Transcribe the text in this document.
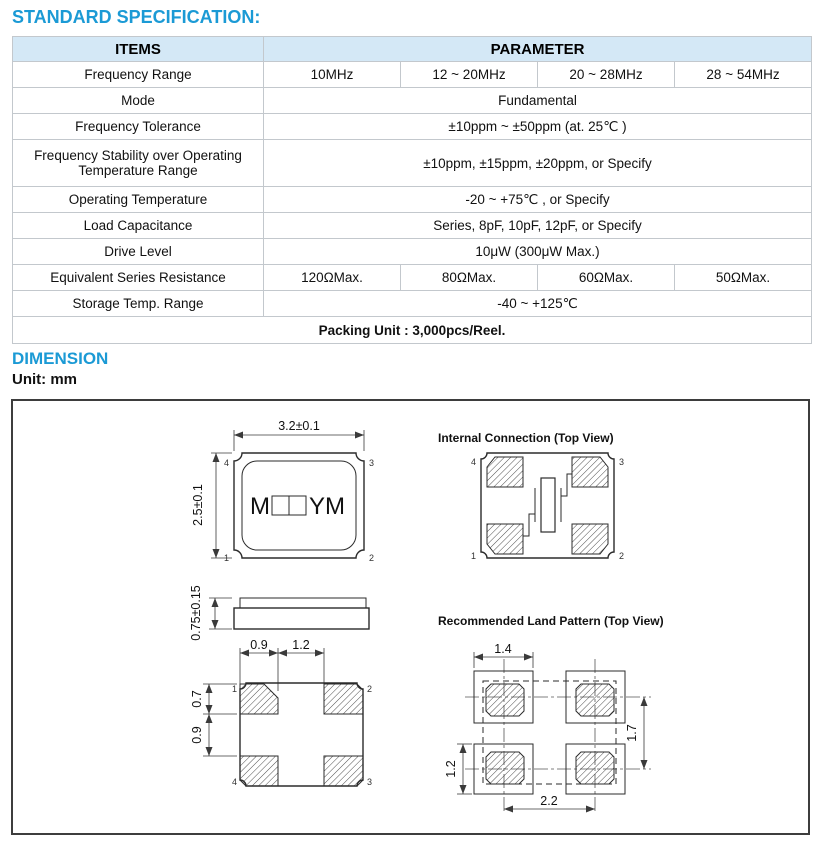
STANDARD SPECIFICATION:
ITEMS	PARAMETER			
Frequency Range	10MHz	12 ~ 20MHz	20 ~ 28MHz	28 ~ 54MHz
Mode	Fundamental			
Frequency Tolerance	±10ppm ~ ±50ppm (at. 25℃ )			
Frequency Stability over Operating Temperature Range	±10ppm, ±15ppm, ±20ppm, or Specify			
Operating Temperature	-20 ~ +75℃ , or Specify			
Load Capacitance	Series, 8pF, 10pF, 12pF, or Specify			
Drive Level	10μW (300μW Max.)			
Equivalent Series Resistance	120ΩMax.	80ΩMax.	60ΩMax.	50ΩMax.
Storage Temp. Range	-40 ~ +125℃			
Packing Unit : 3,000pcs/Reel.				
DIMENSION
Unit: mm
3.2±0.1
2.5±0.1 M YM
4	3
1	2
Internal Connection (Top View)
4	3
1	2
0.75±0.15
0.9 1.2
0.7
0.9
1	2
4	3
Recommended Land Pattern (Top View)
1.4
1.7
1.2
2.2
